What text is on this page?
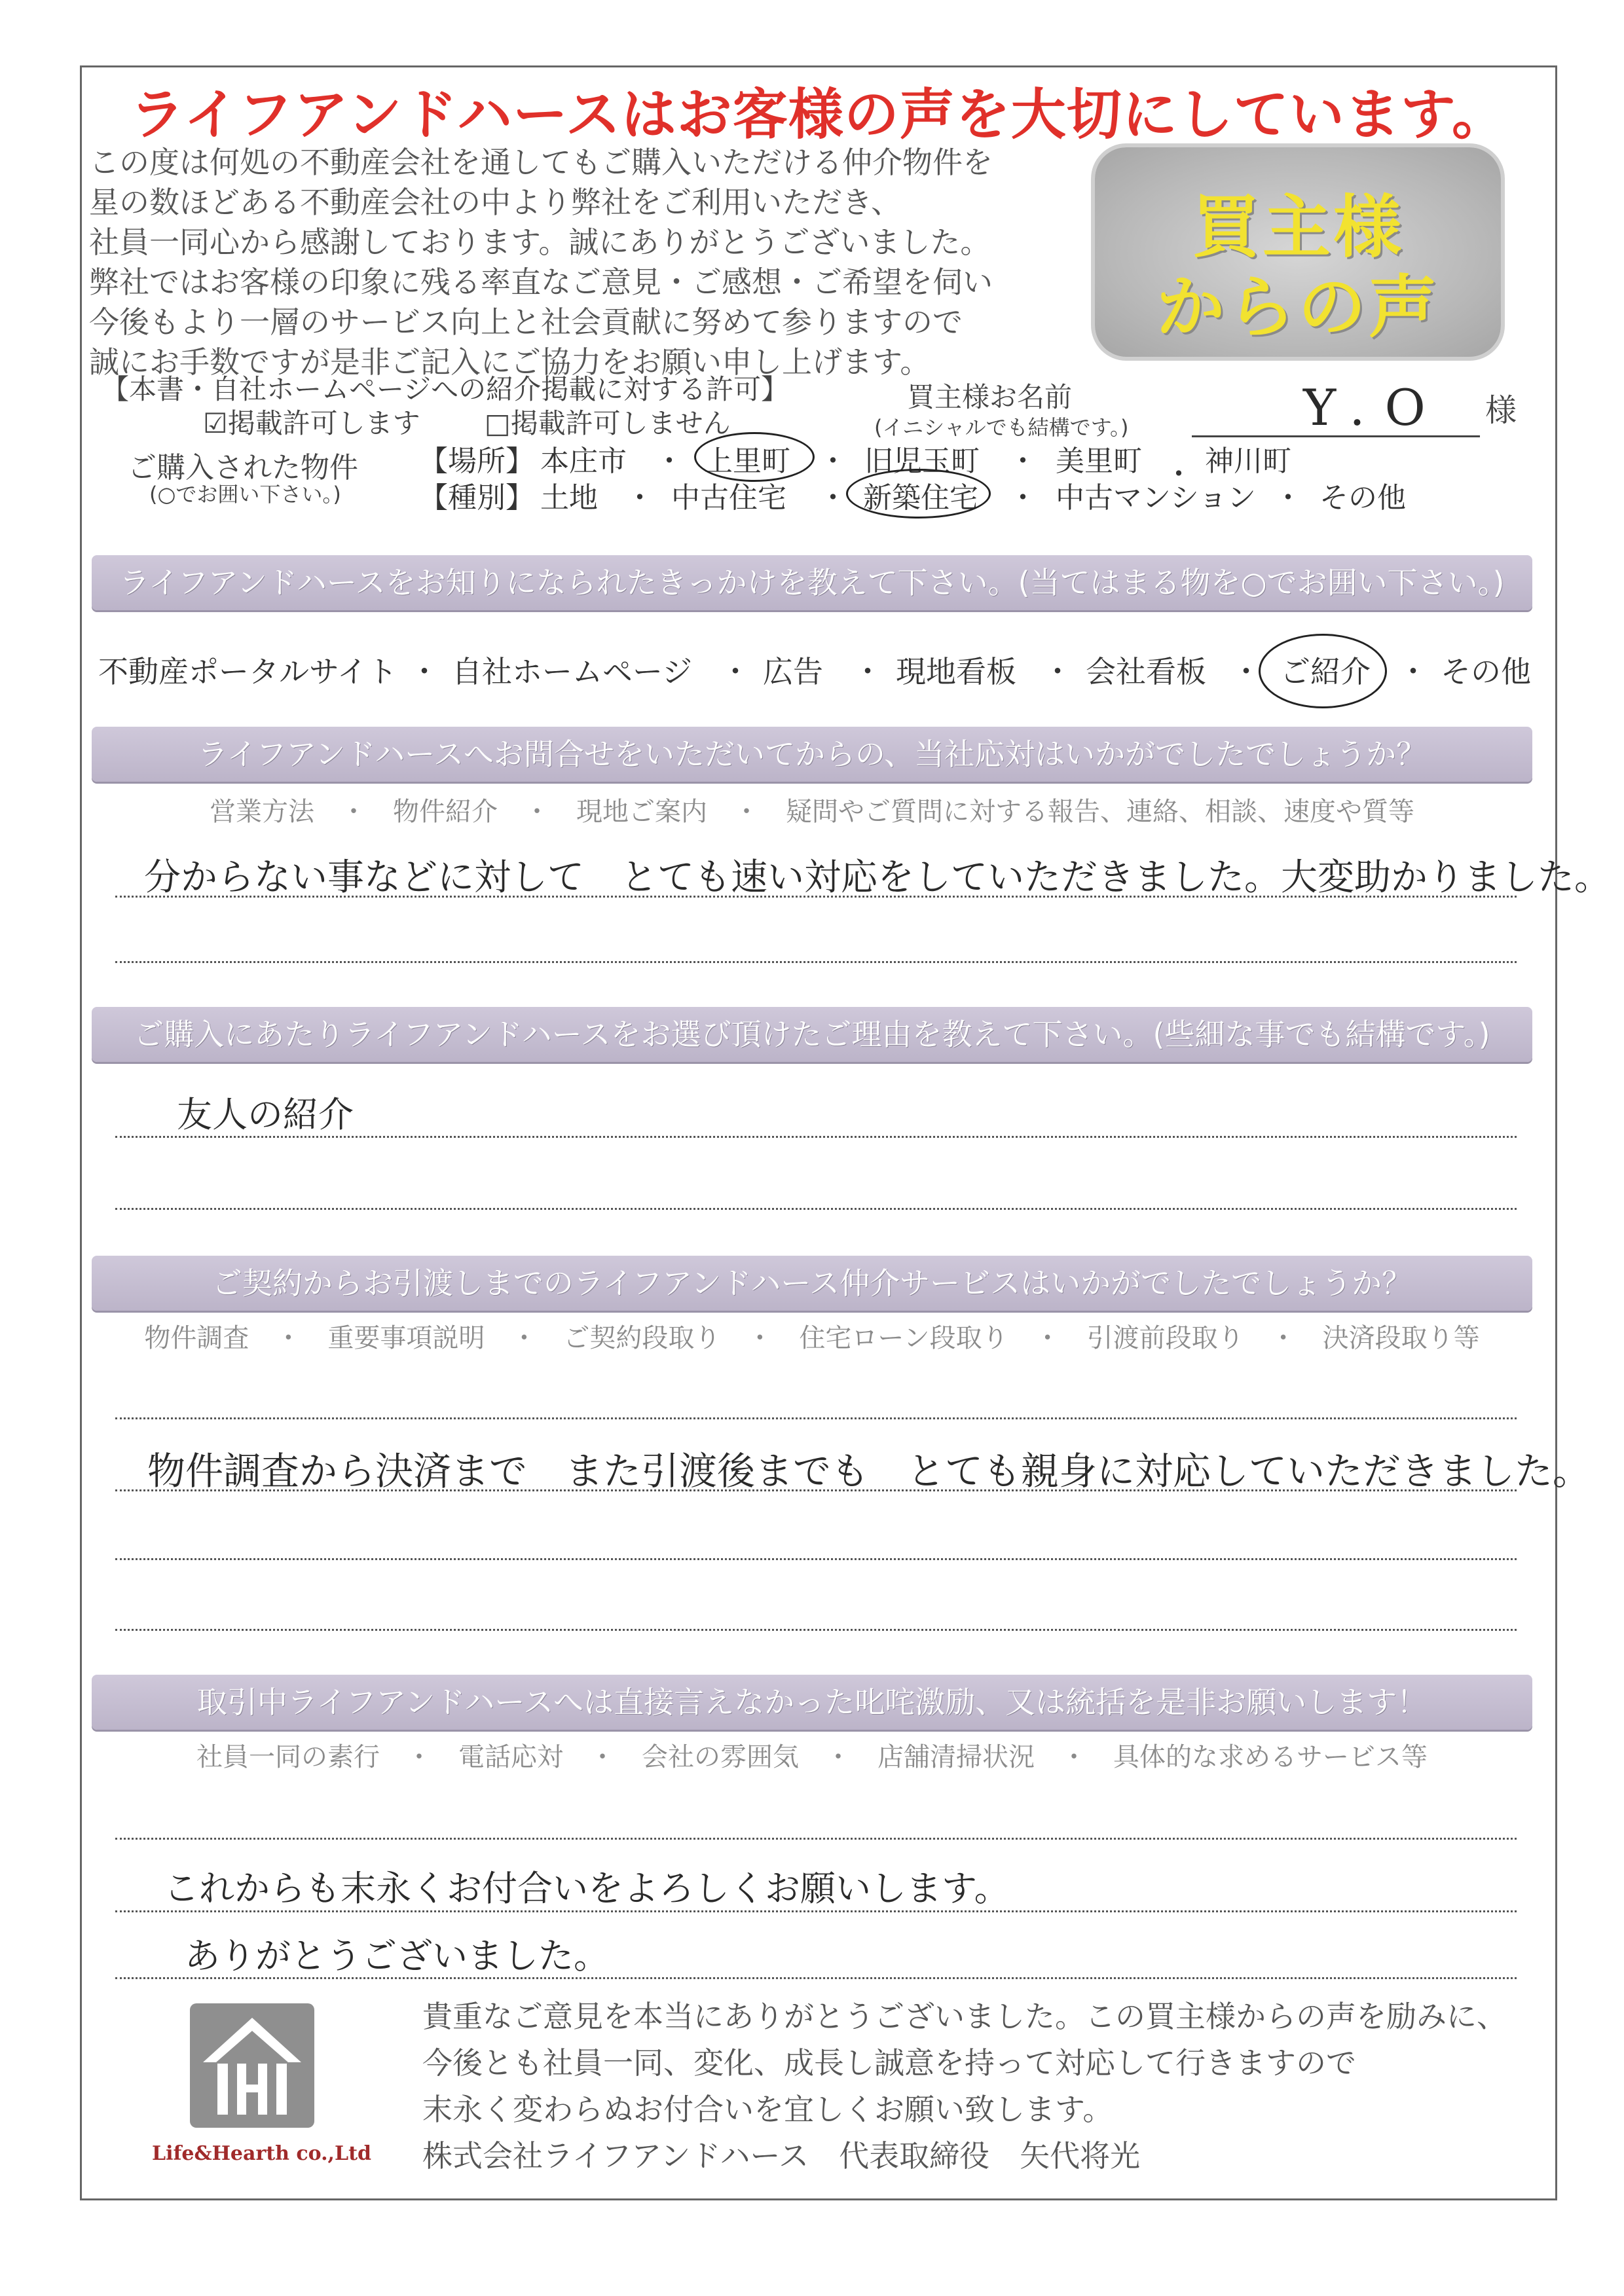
ライフアンドハースはお客様の声を大切にしています。
この度は何処の不動産会社を通してもご購入いただける仲介物件を
星の数ほどある不動産会社の中より弊社をご利用いただき、
社員一同心から感謝しております。誠にありがとうございました。
弊社ではお客様の印象に残る率直なご意見・ご感想・ご希望を伺い
今後もより一層のサービス向上と社会貢献に努めて参りますので
誠にお手数ですが是非ご記入にご協力をお願い申し上げます。
買主様
からの声
【本書・自社ホームページへの紹介掲載に対する許可】
☑掲載許可します □掲載許可しません
買主様お名前
(イニシャルでも結構です。)	Y.O 様
ご購入された物件
(○でお囲い下さい。)
【場所】 本庄市 ・ 上里町 ・ 旧児玉町 ・ 美里町 ・ 神川町
【種別】 土地 ・ 中古住宅 ・ 新築住宅 ・ 中古マンション ・ その他
ライフアンドハースをお知りになられたきっかけを教えて下さい。(当てはまる物を○でお囲い下さい。)
不動産ポータルサイト ・ 自社ホームページ ・ 広告 ・ 現地看板 ・ 会社看板 ・ ご紹介 ・ その他
ライフアンドハースへお問合せをいただいてからの、当社応対はいかがでしたでしょうか？
営業方法　・　物件紹介　・　現地ご案内　・　疑問やご質問に対する報告、連絡、相談、速度や質等
分からない事などに対して　とても速い対応をしていただきました。大変助かりました。
ご購入にあたりライフアンドハースをお選び頂けたご理由を教えて下さい。(些細な事でも結構です。)
友人の紹介
ご契約からお引渡しまでのライフアンドハース仲介サービスはいかがでしたでしょうか？
物件調査　・　重要事項説明　・　ご契約段取り　・　住宅ローン段取り　・　引渡前段取り　・　決済段取り等
物件調査から決済まで　また引渡後までも　とても親身に対応していただきました。
取引中ライフアンドハースへは直接言えなかった叱咤激励、又は統括を是非お願いします！
社員一同の素行　・　電話応対　・　会社の雰囲気　・　店舗清掃状況　・　具体的な求めるサービス等
これからも末永くお付合いをよろしくお願いします。
ありがとうございました。
Life&Hearth co.,Ltd
貴重なご意見を本当にありがとうございました。この買主様からの声を励みに、
今後とも社員一同、変化、成長し誠意を持って対応して行きますので
末永く変わらぬお付合いを宜しくお願い致します。
株式会社ライフアンドハース　代表取締役　矢代将光
